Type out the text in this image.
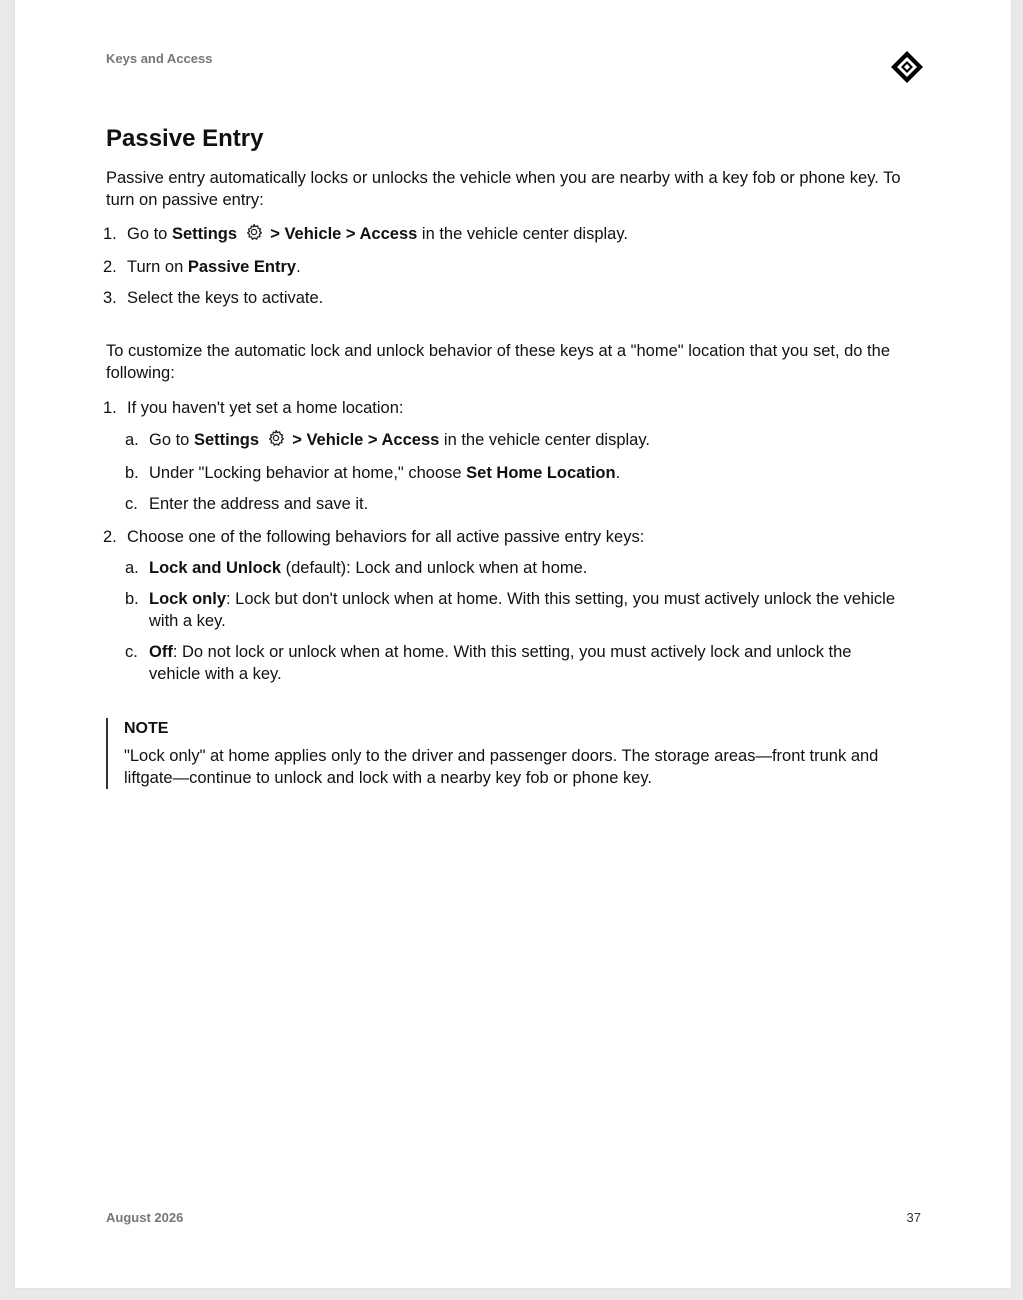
Keys and Access
Passive Entry

Passive entry automatically locks or unlocks the vehicle when you are nearby with a key fob or phone key. To turn on passive entry:

1. Go to Settings > Vehicle > Access in the vehicle center display.
2. Turn on Passive Entry.
3. Select the keys to activate.

To customize the automatic lock and unlock behavior of these keys at a "home" location that you set, do the following:

1. If you haven't yet set a home location:
a. Go to Settings > Vehicle > Access in the vehicle center display.
b. Under "Locking behavior at home," choose Set Home Location.
c. Enter the address and save it.
2. Choose one of the following behaviors for all active passive entry keys:
a. Lock and Unlock (default): Lock and unlock when at home.
b. Lock only: Lock but don't unlock when at home. With this setting, you must actively unlock the vehicle with a key.
c. Off: Do not lock or unlock when at home. With this setting, you must actively lock and unlock the vehicle with a key.
NOTE
"Lock only" at home applies only to the driver and passenger doors. The storage areas—front trunk and liftgate—continue to unlock and lock with a nearby key fob or phone key.
August 2026	37
